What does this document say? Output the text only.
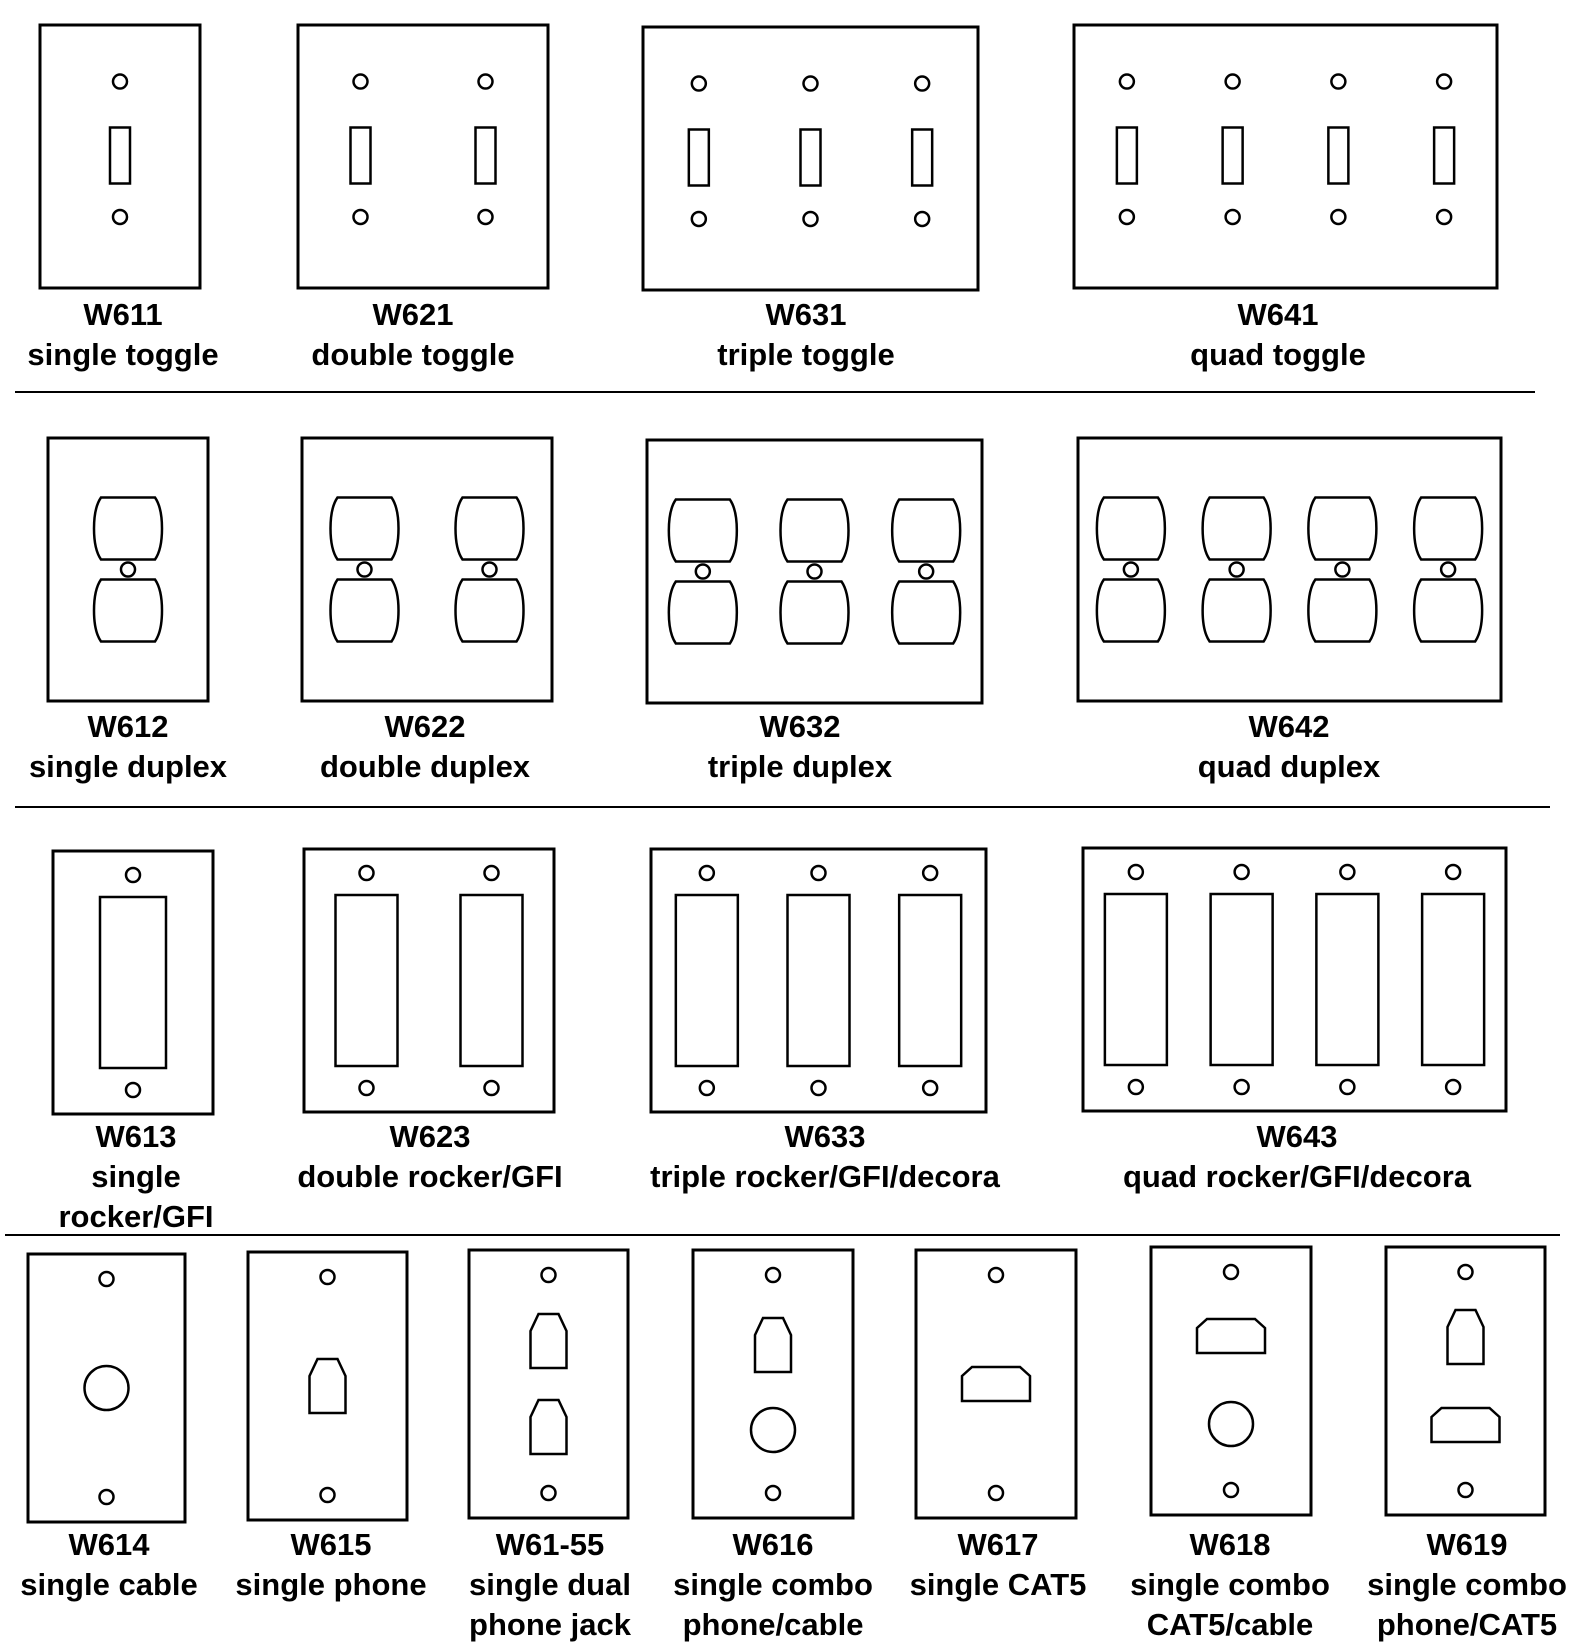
W611
single toggle
W621
double toggle
W631
triple toggle
W641
quad toggle
W612
single duplex
W622
double duplex
W632
triple duplex
W642
quad duplex
W613
single
rocker/GFI
W623
double rocker/GFI
W633
triple rocker/GFI/decora
W643
quad rocker/GFI/decora
W614
single cable
W615
single phone
W61-55
single dual
phone jack
W616
single combo
phone/cable
W617
single CAT5
W618
single combo
CAT5/cable
W619
single combo
phone/CAT5
